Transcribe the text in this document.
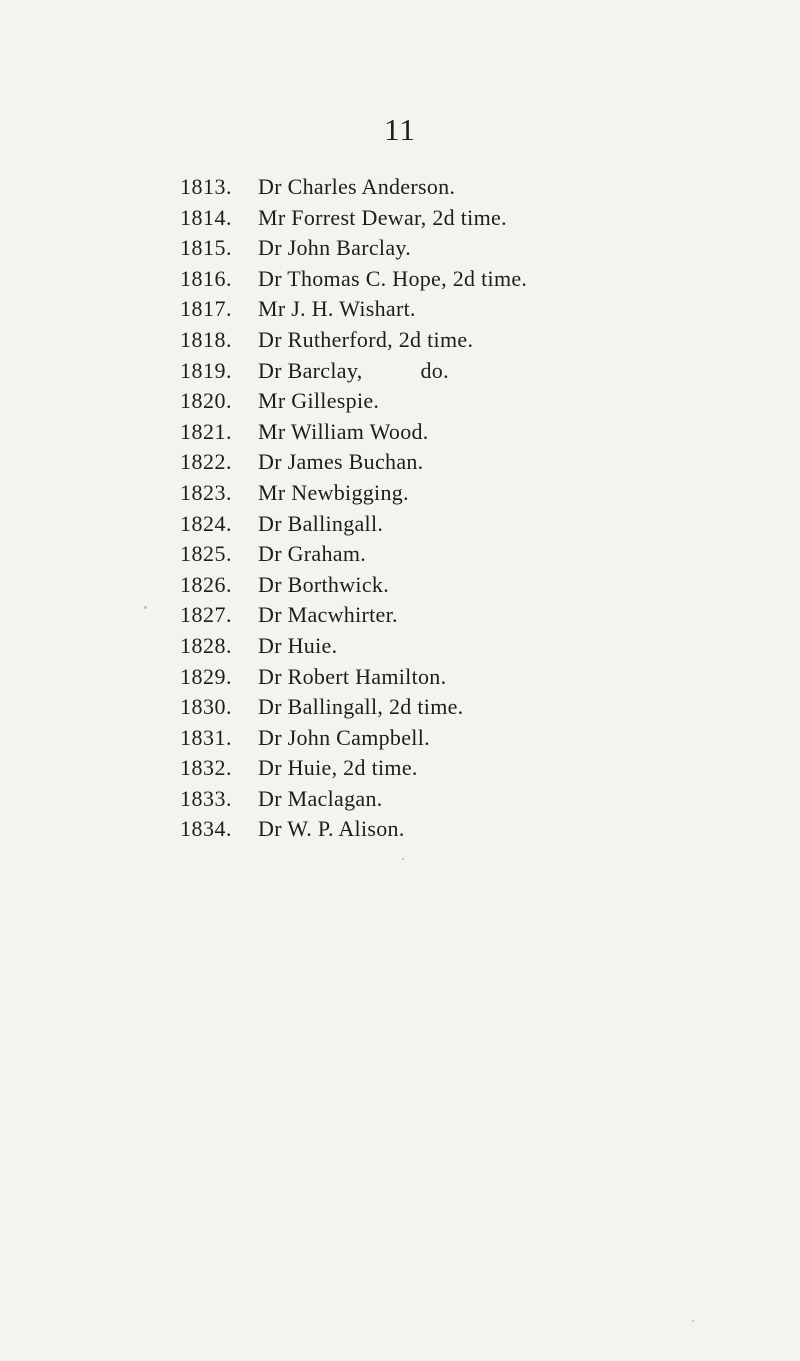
11
1813.	Dr Charles Anderson.
1814.	Mr Forrest Dewar, 2d time.
1815.	Dr John Barclay.
1816.	Dr Thomas C. Hope, 2d time.
1817.	Mr J. H. Wishart.
1818.	Dr Rutherford, 2d time.
1819.	Dr Barclay,          do.
1820.	Mr Gillespie.
1821.	Mr William Wood.
1822.	Dr James Buchan.
1823.	Mr Newbigging.
1824.	Dr Ballingall.
1825.	Dr Graham.
1826.	Dr Borthwick.
1827.	Dr Macwhirter.
1828.	Dr Huie.
1829.	Dr Robert Hamilton.
1830.	Dr Ballingall, 2d time.
1831.	Dr John Campbell.
1832.	Dr Huie, 2d time.
1833.	Dr Maclagan.
1834.	Dr W. P. Alison.
